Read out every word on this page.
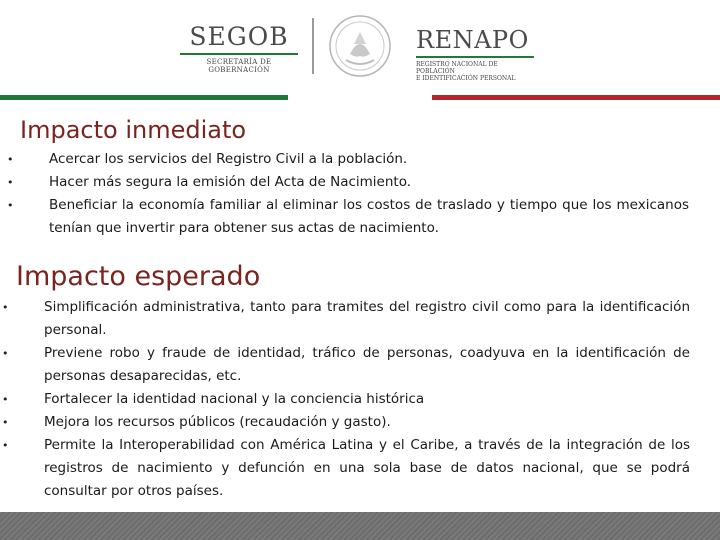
SEGOB
SECRETARÍA DE GOBERNACIÓN
RENAPO
REGISTRO NACIONAL DE POBLACIÓN
E IDENTIFICACIÓN PERSONAL
Impacto inmediato
• Acercar los servicios del Registro Civil a la población.
• Hacer más segura la emisión del Acta de Nacimiento.
• Beneficiar la economía familiar al eliminar los costos de traslado y tiempo que los mexicanos tenían que invertir para obtener sus actas de nacimiento.
Impacto esperado
• Simplificación administrativa, tanto para tramites del registro civil como para la identificación personal.
• Previene robo y fraude de identidad, tráfico de personas, coadyuva en la identificación de personas desaparecidas, etc.
• Fortalecer la identidad nacional y la conciencia histórica
• Mejora los recursos públicos (recaudación y gasto).
• Permite la Interoperabilidad con América Latina y el Caribe, a través de la integración de los registros de nacimiento y defunción en una sola base de datos nacional, que se podrá consultar por otros países.
